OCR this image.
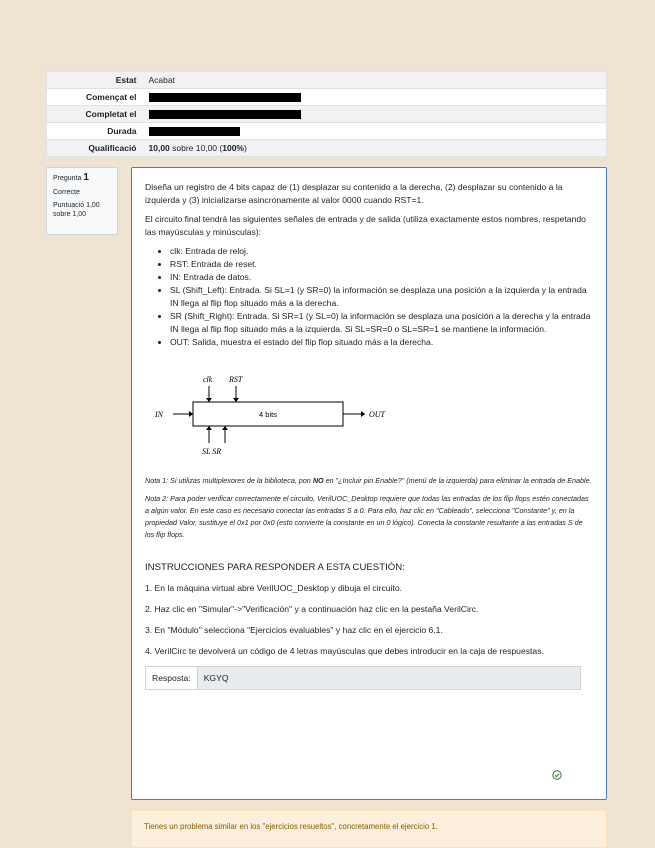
Estat	Acabat
Començat el	
Completat el	
Durada	
Qualificació	10,00 sobre 10,00 (100%)
Pregunta 1
Correcte
Puntuació 1,00 sobre 1,00

Diseña un registro de 4 bits capaz de (1) desplazar su contenido a la derecha, (2) desplazar su contenido a la izquierda y (3) inicializarse asincronamente al valor 0000 cuando RST=1.

El circuito final tendrá las siguientes señales de entrada y de salida (utiliza exactamente estos nombres, respetando las mayúsculas y minúsculas):

• clk: Entrada de reloj.
• RST: Entrada de reset.
• IN: Entrada de datos.
• SL (Shift_Left): Entrada. Si SL=1 (y SR=0) la información se desplaza una posición a la izquierda y la entrada IN llega al flip flop situado más a la derecha.
• SR (Shift_Right): Entrada. Si SR=1 (y SL=0) la información se desplaza una posición a la derecha y la entrada IN llega al flip flop situado más a la izquierda. Si SL=SR=0 o SL=SR=1 se mantiene la información.
• OUT: Salida, muestra el estado del flip flop situado más a la derecha.
clk RST
4 bits
IN	OUT
SL SR

Nota 1: Si utilizas multiplexores de la biblioteca, pon NO en "¿Incluir pin Enable?" (menú de la izquierda) para eliminar la entrada de Enable.

Nota 2: Para poder verificar correctamente el circuito, VerilUOC_Desktop requiere que todas las entradas de los flip flops estén conectadas a algún valor. En este caso es necesario conectar las entradas S a 0. Para ello, haz clic en "Cableado", selecciona "Constante" y, en la propiedad Valor, sustituye el 0x1 por 0x0 (esto convierte la constante en un 0 lógico). Conecta la constante resultante a las entradas S de los flip flops.

INSTRUCCIONES PARA RESPONDER A ESTA CUESTIÓN:

1. En la máquina virtual abre VerilUOC_Desktop y dibuja el circuito.

2. Haz clic en "Simular"->"Verificación" y a continuación haz clic en la pestaña VerilCirc.

3. En "Módulo" selecciona "Ejercicios evaluables" y haz clic en el ejercicio 6.1.

4. VerilCirc te devolverá un código de 4 letras mayúsculas que debes introducir en la caja de respuestas.

Resposta:
KGYQ
Tienes un problema similar en los "ejercicios resueltos", concretamente el ejercicio 1.
